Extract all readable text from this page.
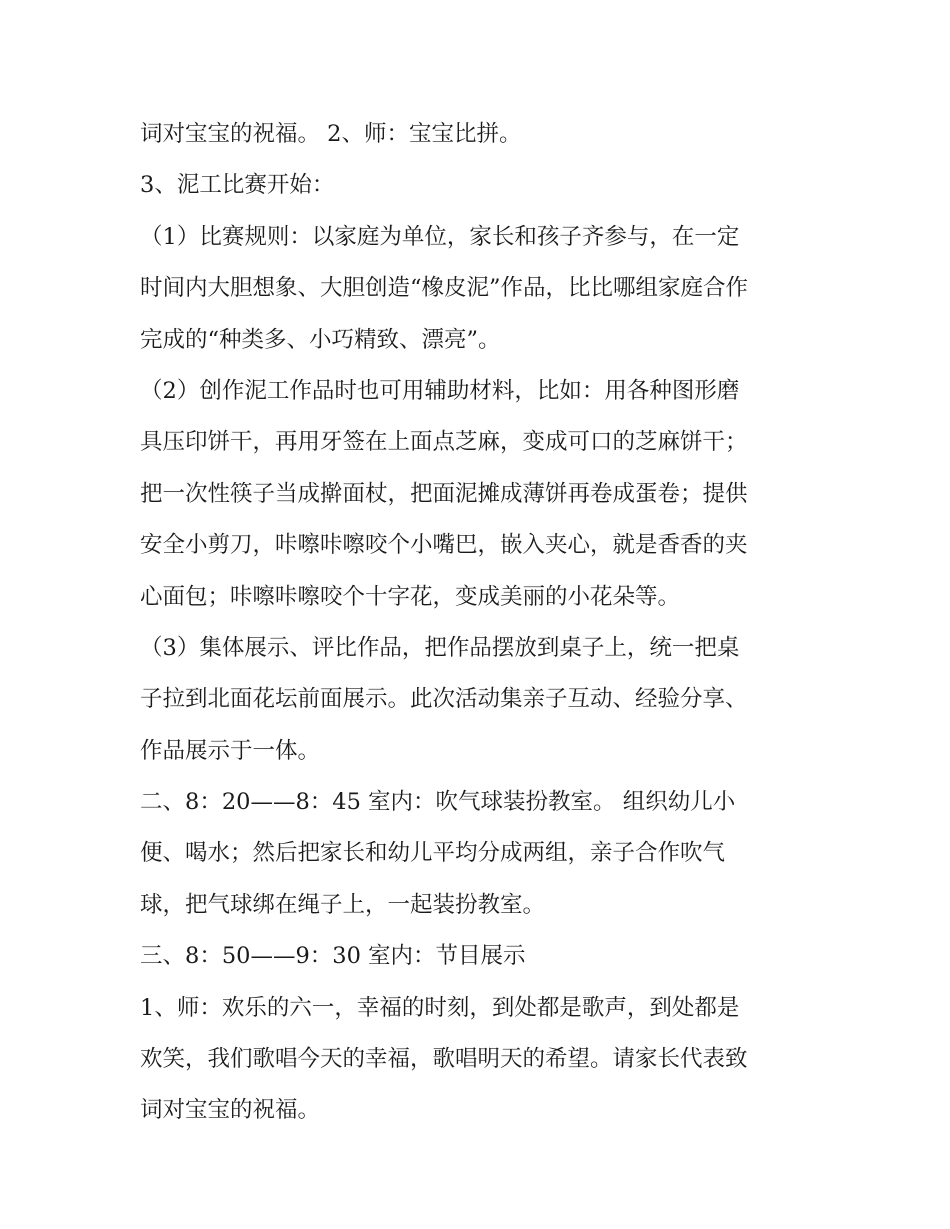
词对宝宝的祝福。 2、师：宝宝比拼。
3、泥工比赛开始：
（1）比赛规则：以家庭为单位，家长和孩子齐参与，在一定
时间内大胆想象、大胆创造“橡皮泥”作品，比比哪组家庭合作
完成的“种类多、小巧精致、漂亮”。
（2）创作泥工作品时也可用辅助材料，比如：用各种图形磨
具压印饼干，再用牙签在上面点芝麻，变成可口的芝麻饼干；
把一次性筷子当成擀面杖，把面泥摊成薄饼再卷成蛋卷；提供
安全小剪刀，咔嚓咔嚓咬个小嘴巴，嵌入夹心，就是香香的夹
心面包；咔嚓咔嚓咬个十字花，变成美丽的小花朵等。
（3）集体展示、评比作品，把作品摆放到桌子上，统一把桌
子拉到北面花坛前面展示。此次活动集亲子互动、经验分享、
作品展示于一体。
二、8：20——8：45 室内：吹气球装扮教室。 组织幼儿小
便、喝水；然后把家长和幼儿平均分成两组，亲子合作吹气
球，把气球绑在绳子上，一起装扮教室。
三、8：50——9：30 室内：节目展示
1、师：欢乐的六一，幸福的时刻，到处都是歌声，到处都是
欢笑，我们歌唱今天的幸福，歌唱明天的希望。请家长代表致
词对宝宝的祝福。
